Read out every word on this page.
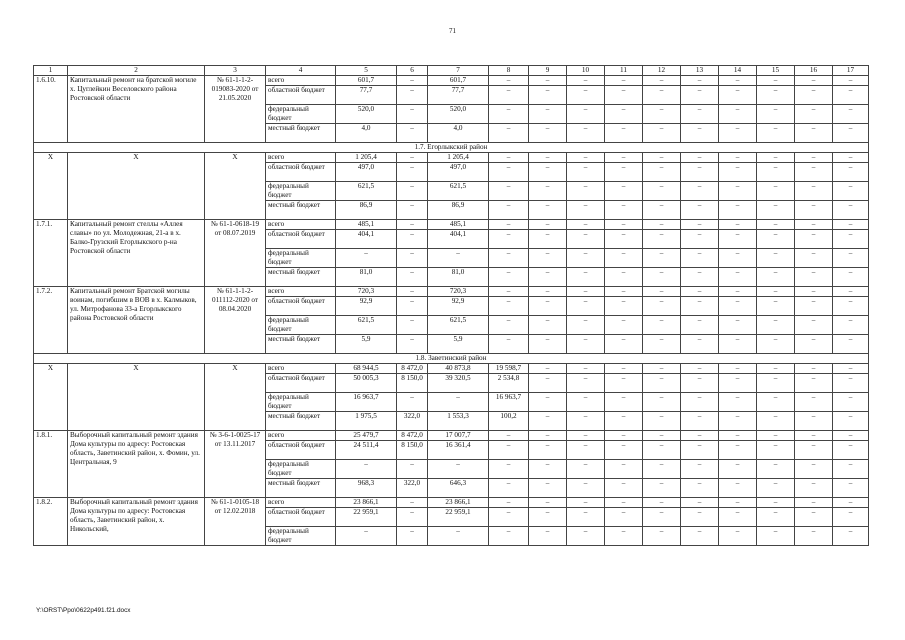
71
1	2	3	4	5	6	7	8	9	10	11	12	13	14	15	16	17
1.6.10.	Капитальный ремонт на братской могиле х. Цуглейкин Веселовского района Ростовской области	№ 61-1-1-2-019083-2020 от 21.05.2020	всего	601,7	–	601,7	–	–	–	–	–	–	–	–	–	–
			областной бюджет	77,7	–	77,7	–	–	–	–	–	–	–	–	–	–
			федеральный бюджет	520,0	–	520,0	–	–	–	–	–	–	–	–	–	–
			местный бюджет	4,0	–	4,0	–	–	–	–	–	–	–	–	–	–
1.7. Егорлыкский район																
Х	Х	Х	всего	1 205,4	–	1 205,4	–	–	–	–	–	–	–	–	–	–
			областной бюджет	497,0	–	497,0	–	–	–	–	–	–	–	–	–	–
			федеральный бюджет	621,5	–	621,5	–	–	–	–	–	–	–	–	–	–
			местный бюджет	86,9	–	86,9	–	–	–	–	–	–	–	–	–	–
1.7.1.	Капитальный ремонт стеллы «Аллея славы» по ул. Молодежная, 21-а в х. Балко-Грузский Егорлыкского р-на Ростовской области	№ 61-1-0618-19 от 08.07.2019	всего	485,1	–	485,1	–	–	–	–	–	–	–	–	–	–
			областной бюджет	404,1	–	404,1	–	–	–	–	–	–	–	–	–	–
			федеральный бюджет	–	–	–	–	–	–	–	–	–	–	–	–	–
			местный бюджет	81,0	–	81,0	–	–	–	–	–	–	–	–	–	–
1.7.2.	Капитальный ремонт Братской могилы воинам, погибшим в ВОВ в х. Калмыков, ул. Митрофанова 33-а Егорлыкского района Ростовской области	№ 61-1-1-2-011112-2020 от 08.04.2020	всего	720,3	–	720,3	–	–	–	–	–	–	–	–	–	–
			областной бюджет	92,9	–	92,9	–	–	–	–	–	–	–	–	–	–
			федеральный бюджет	621,5	–	621,5	–	–	–	–	–	–	–	–	–	–
			местный бюджет	5,9	–	5,9	–	–	–	–	–	–	–	–	–	–
1.8. Заветинский район																
Х	Х	Х	всего	68 944,5	8 472,0	40 873,8	19 598,7	–	–	–	–	–	–	–	–	–
			областной бюджет	50 005,3	8 150,0	39 320,5	2 534,8	–	–	–	–	–	–	–	–	–
			федеральный бюджет	16 963,7	–	–	16 963,7	–	–	–	–	–	–	–	–	–
			местный бюджет	1 975,5	322,0	1 553,3	100,2	–	–	–	–	–	–	–	–	–
1.8.1.	Выборочный капитальный ремонт здания Дома культуры по адресу: Ростовская область, Заветинский район, х. Фомин, ул. Центральная, 9	№ 3-6-1-0025-17 от 13.11.2017	всего	25 479,7	8 472,0	17 007,7	–	–	–	–	–	–	–	–	–	–
			областной бюджет	24 511,4	8 150,0	16 361,4	–	–	–	–	–	–	–	–	–	–
			федеральный бюджет	–	–	–	–	–	–	–	–	–	–	–	–	–
			местный бюджет	968,3	322,0	646,3	–	–	–	–	–	–	–	–	–	–
1.8.2.	Выборочный капитальный ремонт здания Дома культуры по адресу: Ростовская область, Заветинский район, х. Никольский,	№ 61-1-0105-18 от 12.02.2018	всего	23 866,1	–	23 866,1	–	–	–	–	–	–	–	–	–	–
			областной бюджет	22 959,1	–	22 959,1	–	–	–	–	–	–	–	–	–	–
			федеральный бюджет	–	–	–	–	–	–	–	–	–	–	–	–	–
Y:\ORST\Ppo\0622p491.f21.docx
